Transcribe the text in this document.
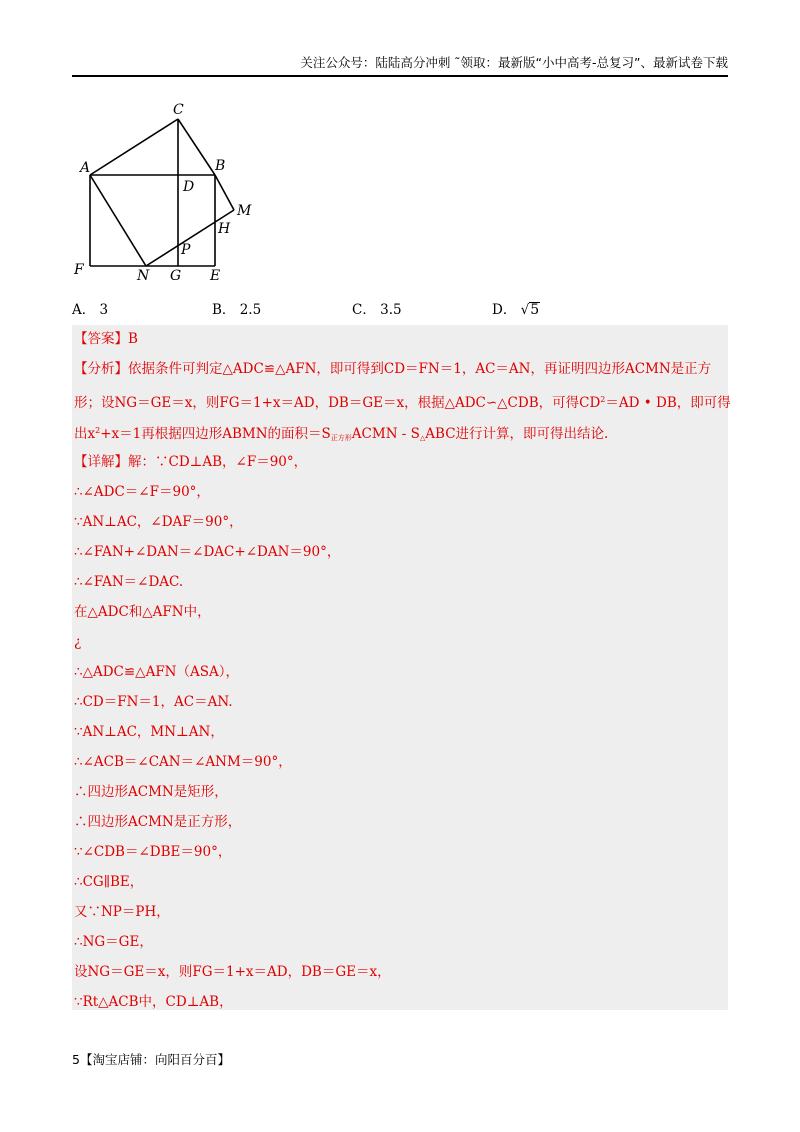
关注公众号：陆陆高分冲刺 ˜领取：最新版“小中高考-总复习”、最新试卷下载
C
A	B
D
M
H
P
F	N G E
A． 3	B． 2.5	C． 3.5	D． √5
【答案】B
【分析】依据条件可判定△ADC≌△AFN，即可得到CD＝FN＝1，AC＝AN，再证明四边形ACMN是正方
形；设NG＝GE＝x，则FG＝1+x＝AD，DB＝GE＝x，根据△ADC∽△CDB，可得$CD^2=AD$ • DB，即可得
出$x^2+x=1$再根据四边形ABMN的面积$=S_{正方形}ACMN - S_\triangle ABC$进行计算，即可得出结论.
【详解】解：∵CD⊥AB，∠F＝90°，
∴∠ADC＝∠F＝90°，
∵AN⊥AC，∠DAF＝90°，
∴∠FAN+∠DAN＝∠DAC+∠DAN＝90°，
∴∠FAN＝∠DAC.
在△ADC和△AFN中，
¿
∴△ADC≌△AFN（ASA），
∴CD＝FN＝1，AC＝AN.
∵AN⊥AC，MN⊥AN，
∴∠ACB＝∠CAN＝∠ANM＝90°，
∴四边形ACMN是矩形，
∴四边形ACMN是正方形，
∵∠CDB＝∠DBE＝90°，
∴CG∥BE，
又∵NP＝PH，
∴NG＝GE，
设NG＝GE＝x，则FG＝1+x＝AD，DB＝GE＝x，
∵Rt△ACB中，CD⊥AB，
5【淘宝店铺：向阳百分百】
